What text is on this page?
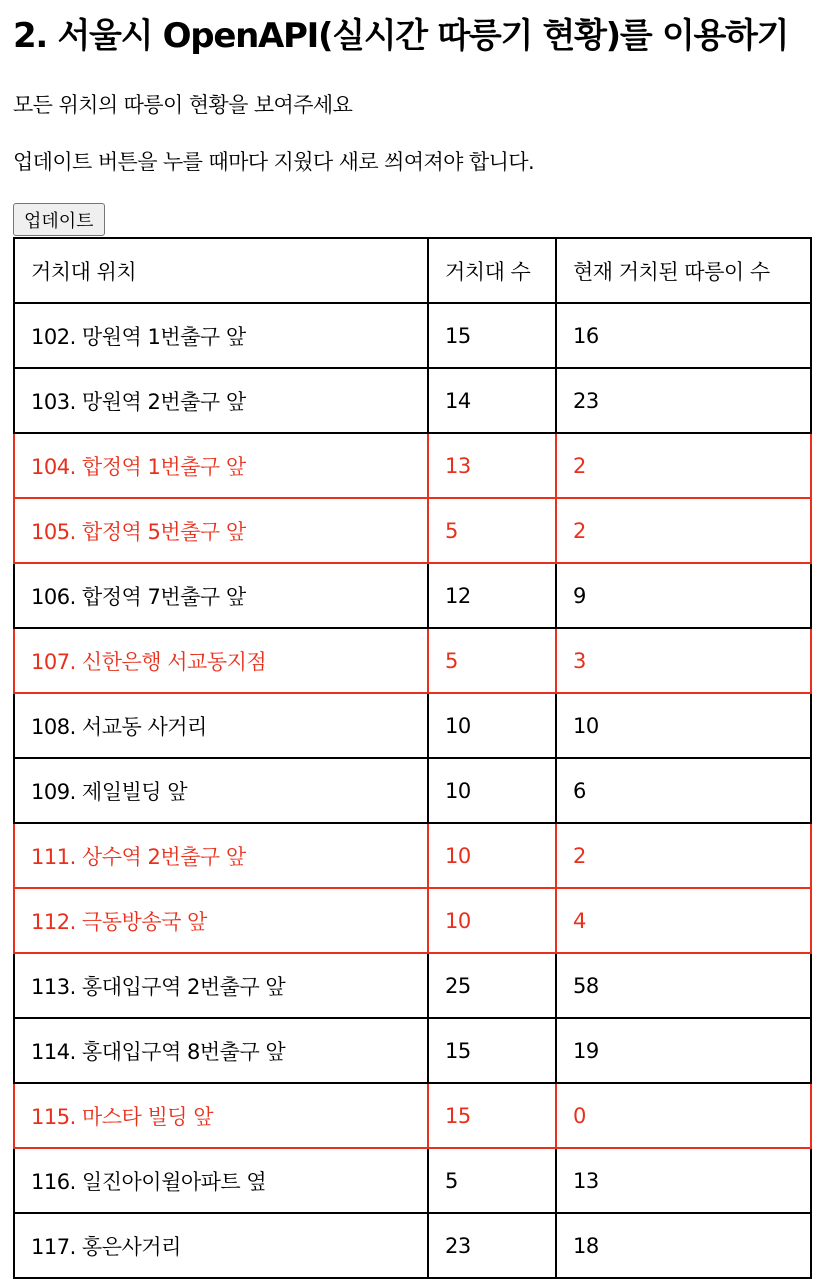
2. 서울시 OpenAPI(실시간 따릉기 현황)를 이용하기

모든 위치의 따릉이 현황을 보여주세요

업데이트 버튼을 누를 때마다 지웠다 새로 씌여져야 합니다.

업데이트
거치대 위치	거치대 수	현재 거치된 따릉이 수
102. 망원역 1번출구 앞	15	16
103. 망원역 2번출구 앞	14	23
104. 합정역 1번출구 앞	13	2
105. 합정역 5번출구 앞	5	2
106. 합정역 7번출구 앞	12	9
107. 신한은행 서교동지점	5	3
108. 서교동 사거리	10	10
109. 제일빌딩 앞	10	6
111. 상수역 2번출구 앞	10	2
112. 극동방송국 앞	10	4
113. 홍대입구역 2번출구 앞	25	58
114. 홍대입구역 8번출구 앞	15	19
115. 마스타 빌딩 앞	15	0
116. 일진아이윌아파트 옆	5	13
117. 홍은사거리	23	18
